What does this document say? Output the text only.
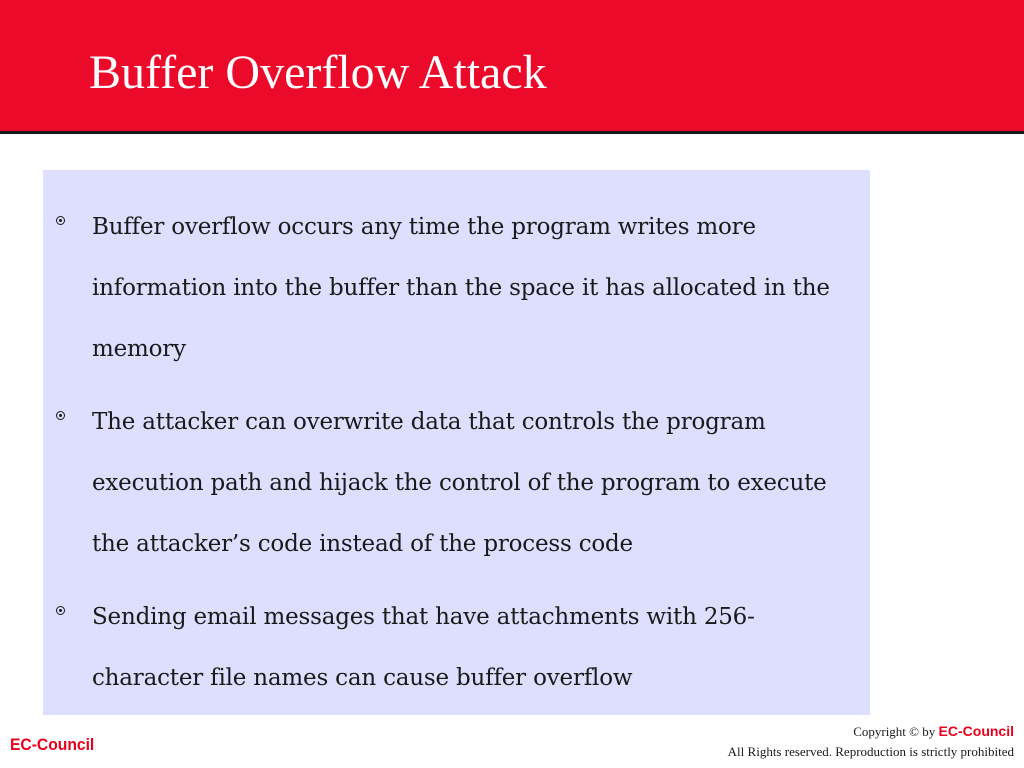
Buffer Overflow Attack
Buffer overflow occurs any time the program writes more information into the buffer than the space it has allocated in the memory
The attacker can overwrite data that controls the program execution path and hijack the control of the program to execute the attacker’s code instead of the process code
Sending email messages that have attachments with 256-character file names can cause buffer overflow
EC-Council
Copyright © by EC-Council
All Rights reserved. Reproduction is strictly prohibited
